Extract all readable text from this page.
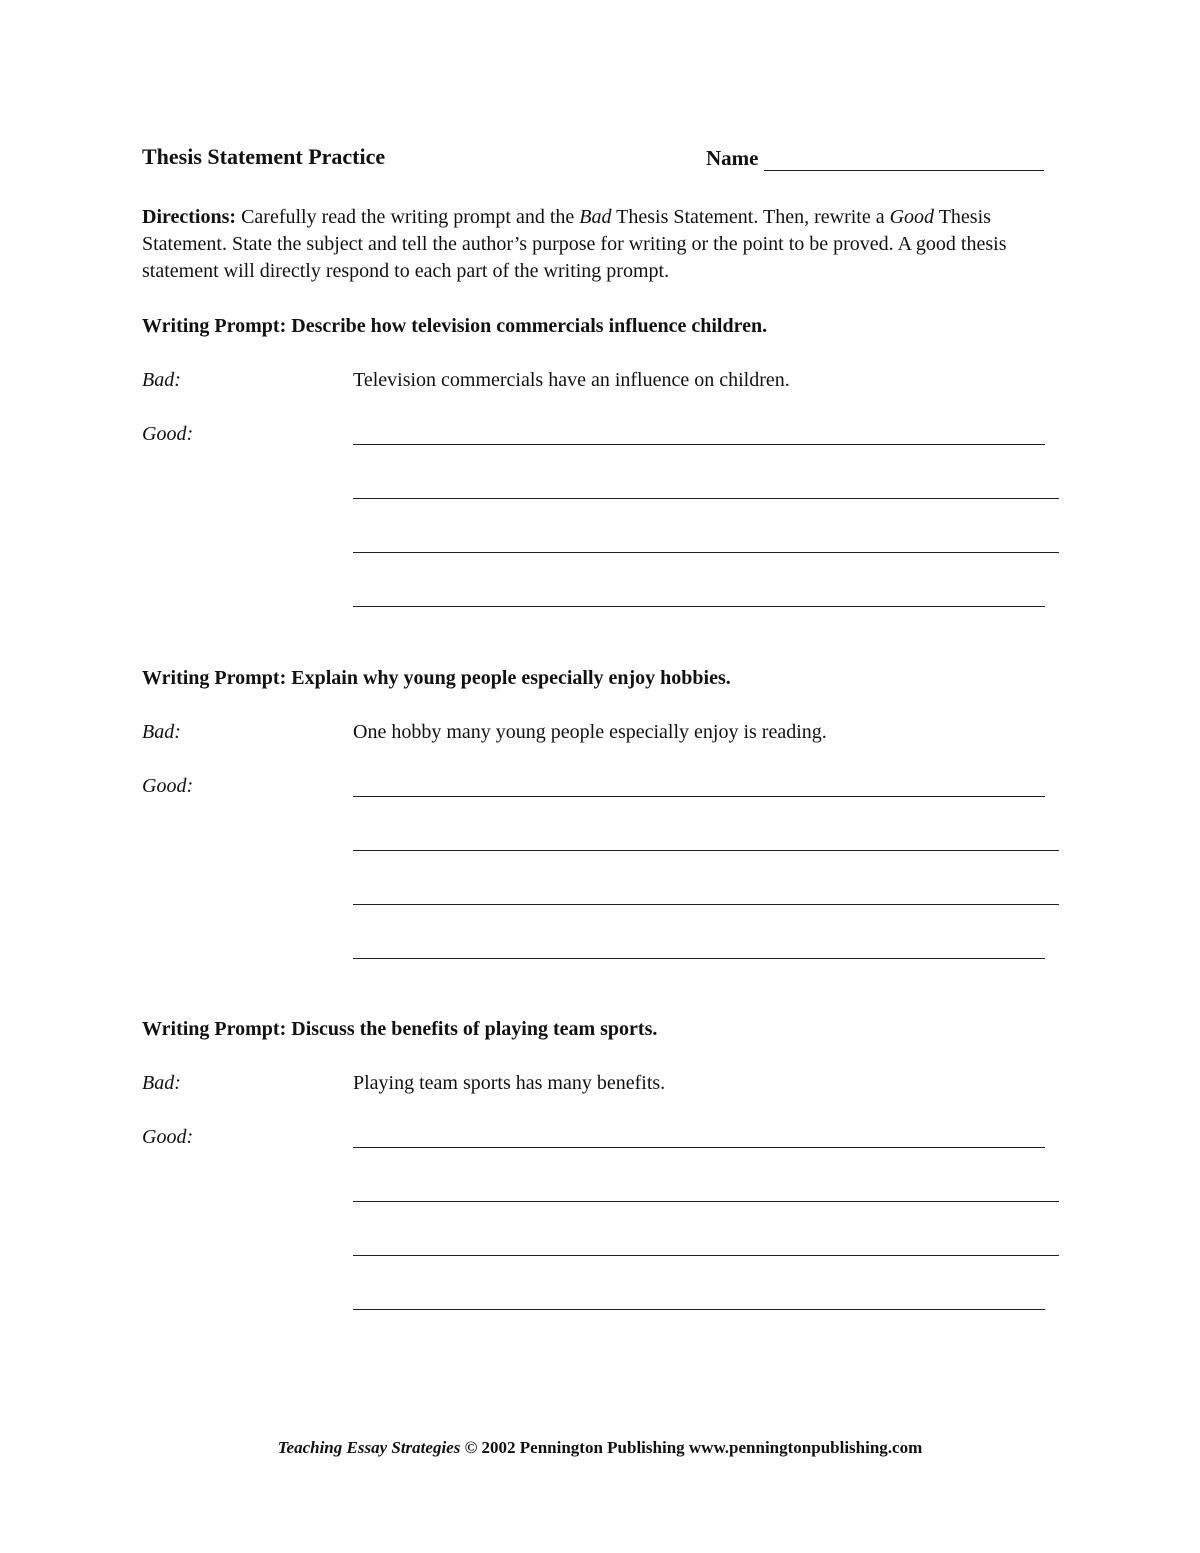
Thesis Statement Practice	Name
Directions: Carefully read the writing prompt and the Bad Thesis Statement. Then, rewrite a Good Thesis Statement. State the subject and tell the author’s purpose for writing or the point to be proved. A good thesis statement will directly respond to each part of the writing prompt.
Writing Prompt: Describe how television commercials influence children.
Bad:	Television commercials have an influence on children.
Good:
Writing Prompt: Explain why young people especially enjoy hobbies.
Bad:	One hobby many young people especially enjoy is reading.
Good:
Writing Prompt: Discuss the benefits of playing team sports.
Bad:	Playing team sports has many benefits.
Good:
Teaching Essay Strategies © 2002 Pennington Publishing www.penningtonpublishing.com
